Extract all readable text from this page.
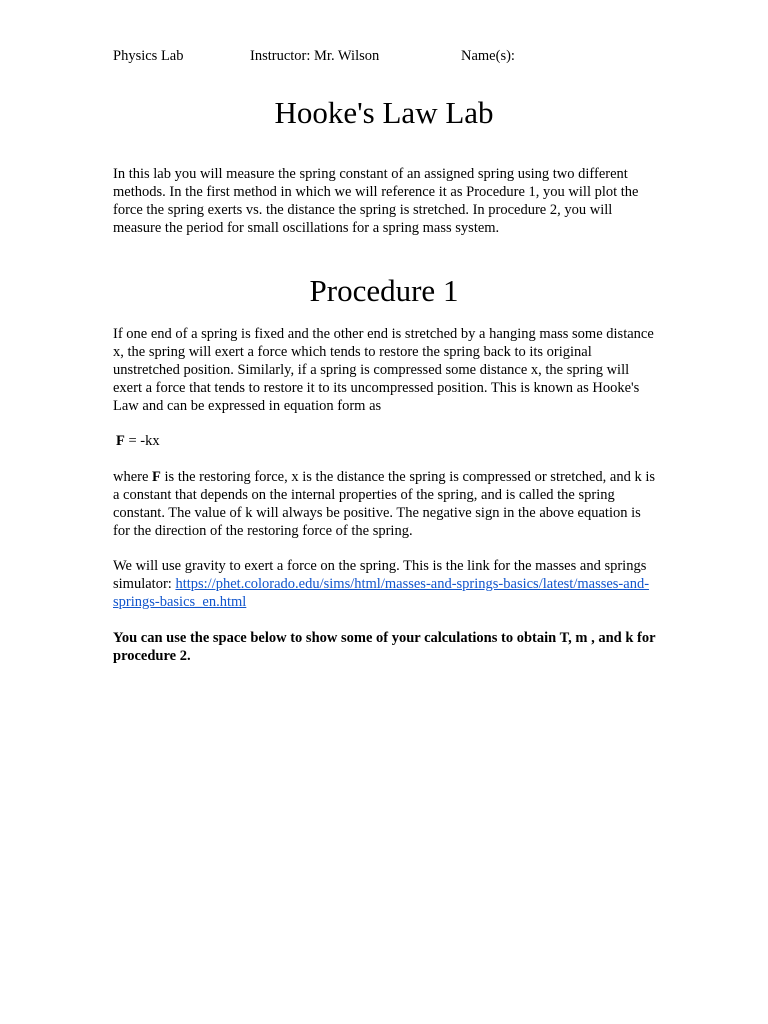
Physics Lab	Instructor: Mr. Wilson	Name(s):
Hooke's Law Lab

In this lab you will measure the spring constant of an assigned spring using two different methods. In the first method in which we will reference it as Procedure 1, you will plot the force the spring exerts vs. the distance the spring is stretched. In procedure 2, you will measure the period for small oscillations for a spring mass system.

Procedure 1

If one end of a spring is fixed and the other end is stretched by a hanging mass some distance x, the spring will exert a force which tends to restore the spring back to its original unstretched position. Similarly, if a spring is compressed some distance x, the spring will exert a force that tends to restore it to its uncompressed position. This is known as Hooke's Law and can be expressed in equation form as

F = -kx

where F is the restoring force, x is the distance the spring is compressed or stretched, and k is a constant that depends on the internal properties of the spring, and is called the spring constant. The value of k will always be positive. The negative sign in the above equation is for the direction of the restoring force of the spring.

We will use gravity to exert a force on the spring. This is the link for the masses and springs simulator: https://phet.colorado.edu/sims/html/masses-and-springs-basics/latest/masses-and-springs-basics_en.html

You can use the space below to show some of your calculations to obtain T, m , and k for procedure 2.
